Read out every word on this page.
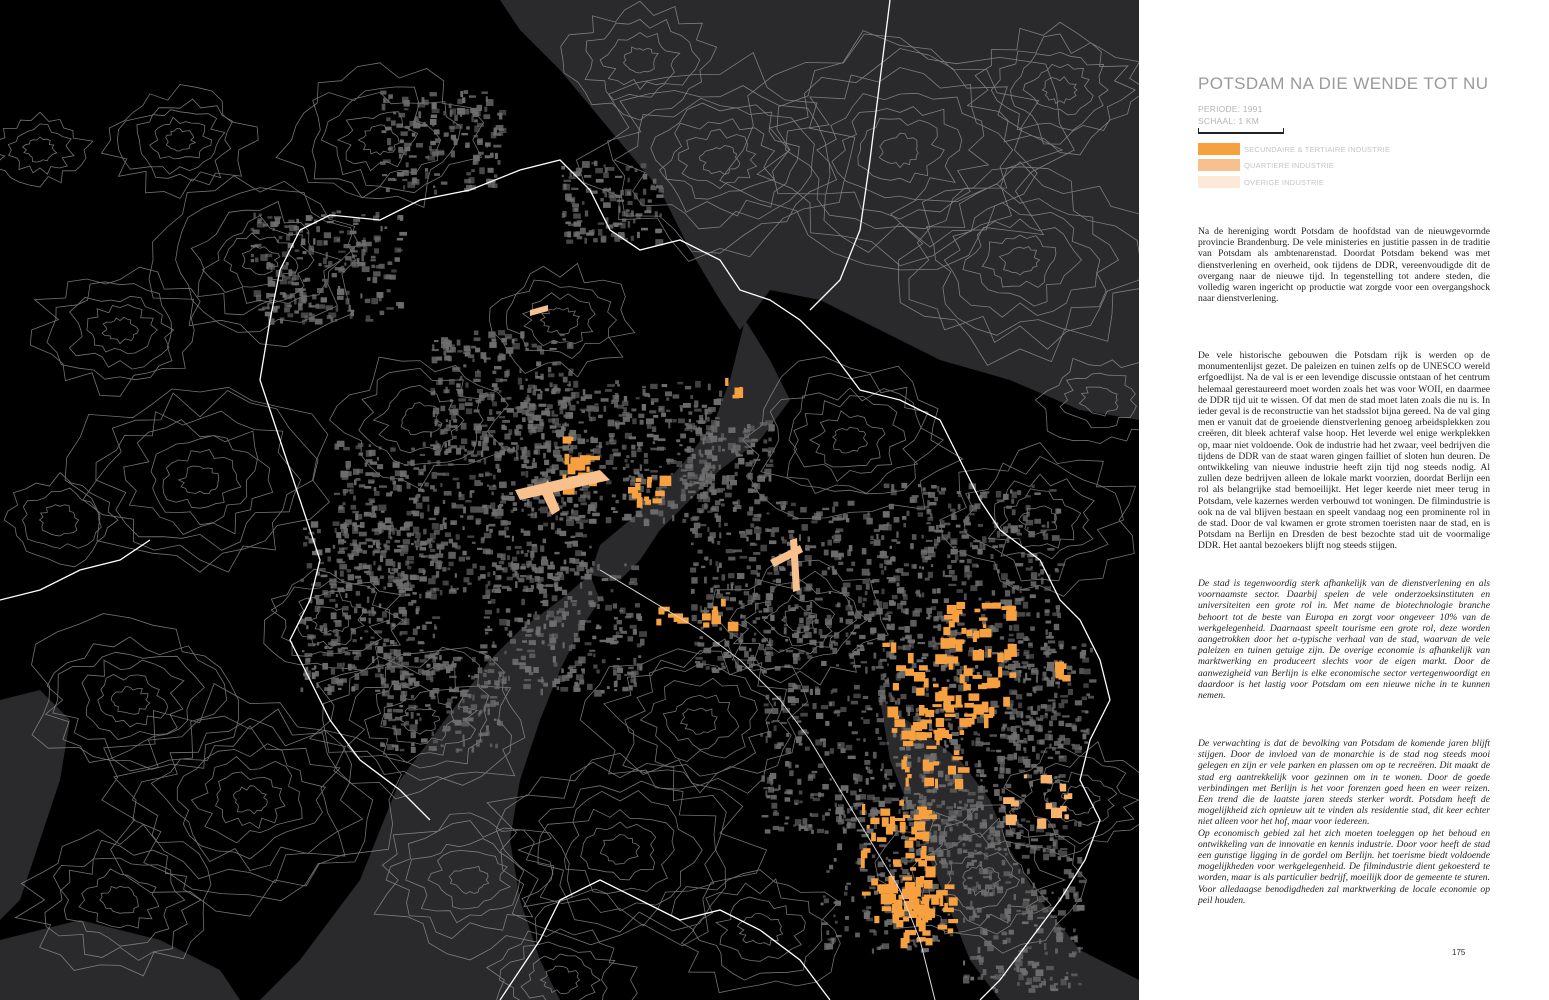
POTSDAM NA DIE WENDE TOT NU
PERIODE: 1991
SCHAAL: 1 KM
SECUNDAIRE & TERTIAIRE INDUSTRIE
QUARTIERE INDUSTRIE
OVERIGE INDUSTRIE

Na de hereniging wordt Potsdam de hoofdstad van de nieuwgevormde provincie Brandenburg. De vele ministeries en justitie passen in de traditie van Potsdam als ambtenarenstad. Doordat Potsdam bekend was met dienstverlening en overheid, ook tijdens de DDR, vereenvoudigde dit de overgang naar de nieuwe tijd. In tegenstelling tot andere steden, die volledig waren ingericht op productie wat zorgde voor een overgangshock naar dienstverlening.

De vele historische gebouwen die Potsdam rijk is werden op de monumentenlijst gezet. De paleizen en tuinen zelfs op de UNESCO wereld erfgoedlijst. Na de val is er een levendige discussie ontstaan of het centrum helemaal gerestaureerd moet worden zoals het was voor WOII, en daarmee de DDR tijd uit te wissen. Of dat men de stad moet laten zoals die nu is. In ieder geval is de reconstructie van het stadsslot bijna gereed. Na de val ging men er vanuit dat de groeiende dienstverlening genoeg arbeidsplekken zou creëren, dit bleek achteraf valse hoop. Het leverde wel enige werkplekken op, maar niet voldoende. Ook de industrie had het zwaar, veel bedrijven die tijdens de DDR van de staat waren gingen failliet of sloten hun deuren. De ontwikkeling van nieuwe industrie heeft zijn tijd nog steeds nodig. Al zullen deze bedrijven alleen de lokale markt voorzien, doordat Berlijn een rol als belangrijke stad bemoeilijkt. Het leger keerde niet meer terug in Potsdam, vele kazernes werden verbouwd tot woningen. De filmindustrie is ook na de val blijven bestaan en speelt vandaag nog een prominente rol in de stad. Door de val kwamen er grote stromen toeristen naar de stad, en is Potsdam na Berlijn en Dresden de best bezochte stad uit de voormalige DDR. Het aantal bezoekers blijft nog steeds stijgen.

De stad is tegenwoordig sterk afhankelijk van de dienstverlening en als voornaamste sector. Daarbij spelen de vele onderzoeksinstituten en universiteiten een grote rol in. Met name de biotechnologie branche behoort tot de beste van Europa en zorgt voor ongeveer 10% van de werkgelegenheid. Daarnaast speelt tourisme een grote rol, deze worden aangetrokken door het a-typische verhaal van de stad, waarvan de vele paleizen en tuinen getuige zijn. De overige economie is afhankelijk van marktwerking en produceert slechts voor de eigen markt. Door de aanwezigheid van Berlijn is elke economische sector vertegenwoordigt en daardoor is het lastig voor Potsdam om een nieuwe niche in te kunnen nemen.

De verwachting is dat de bevolking van Potsdam de komende jaren blijft stijgen. Door de invloed van de monarchie is de stad nog steeds mooi gelegen en zijn er vele parken en plassen om op te recreëren. Dit maakt de stad erg aantrekkelijk voor gezinnen om in te wonen. Door de goede verbindingen met Berlijn is het voor forenzen goed heen en weer reizen. Een trend die de laatste jaren steeds sterker wordt. Potsdam heeft de mogelijkheid zich opnieuw uit te vinden als residentie stad, dit keer echter niet alleen voor het hof, maar voor iedereen.
Op economisch gebied zal het zich moeten toeleggen op het behoud en ontwikkeling van de innovatie en kennis industrie. Door voor heeft de stad een gunstige ligging in de gordel om Berlijn. het toerisme biedt voldoende mogelijkheden voor werkgelegenheid. De filmindustrie dient gekoesterd te worden, maar is als particulier bedrijf, moeilijk door de gemeente te sturen. Voor alledaagse benodigdheden zal marktwerking de locale economie op peil houden.

175
